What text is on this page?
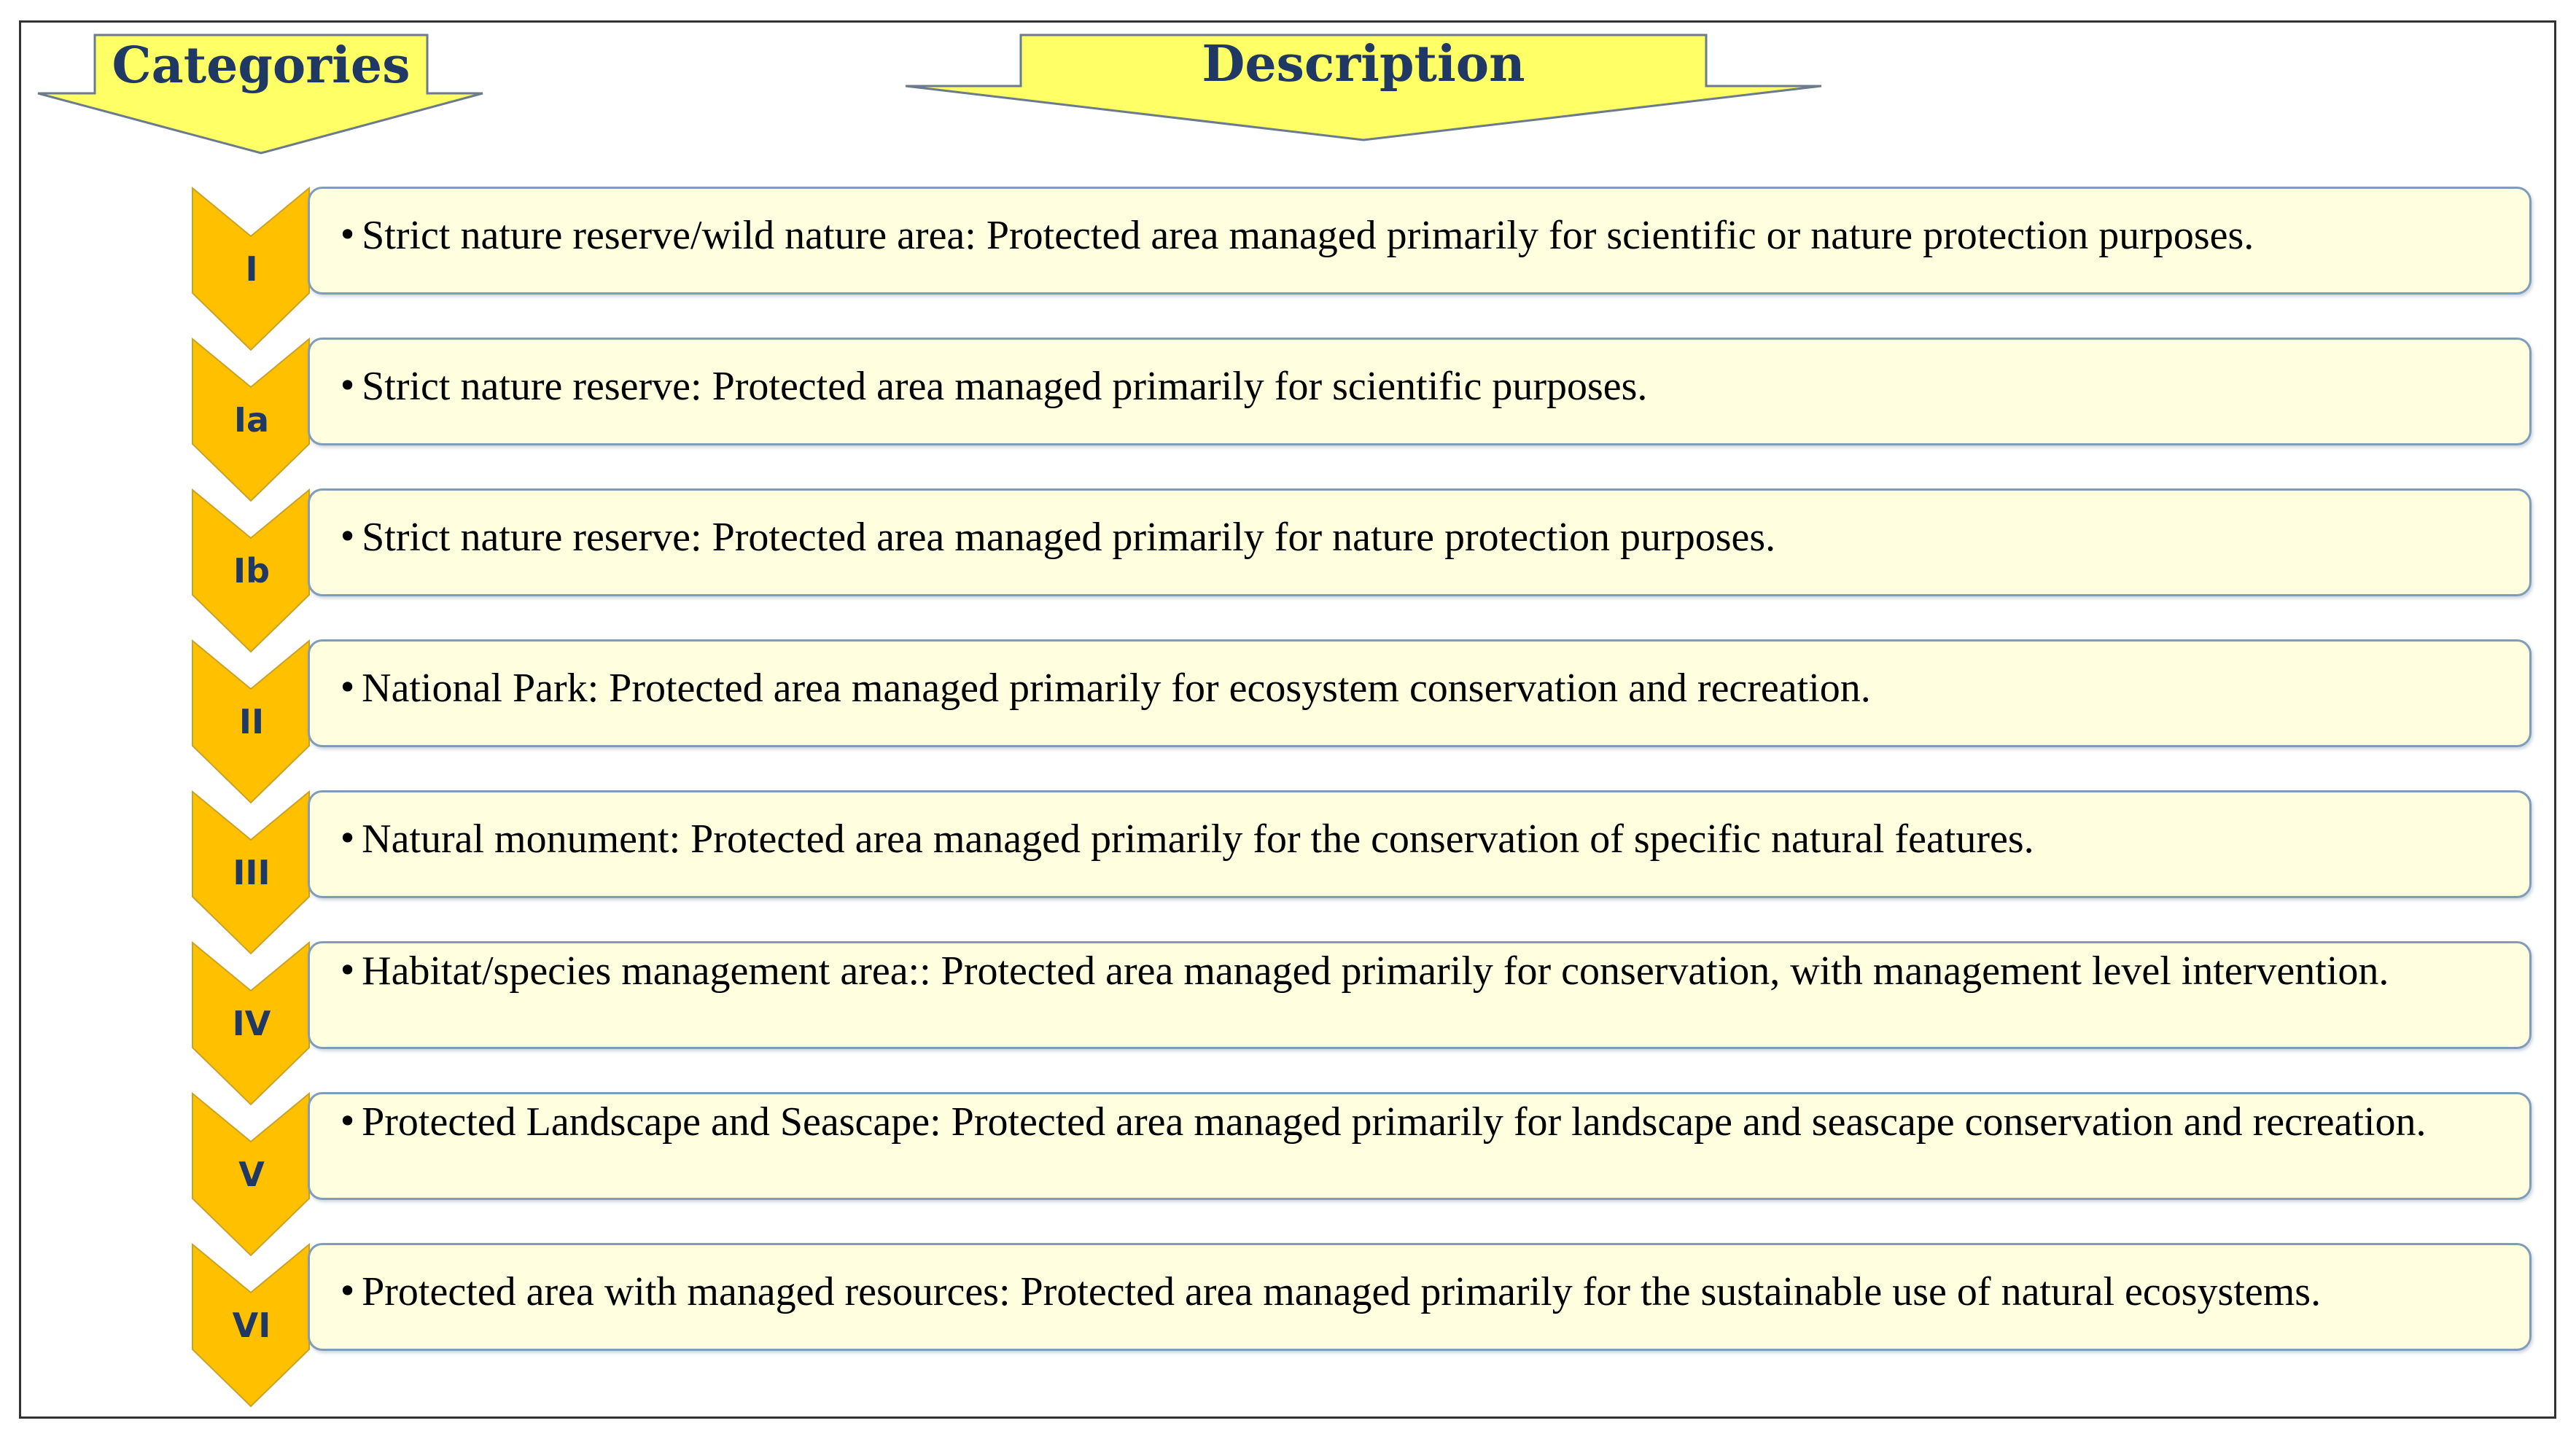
Categories	Description
I
• Strict nature reserve/wild nature area: Protected area managed primarily for scientific or nature protection purposes.
Ia
• Strict nature reserve: Protected area managed primarily for scientific purposes.
Ib
• Strict nature reserve: Protected area managed primarily for nature protection purposes.
II
• National Park: Protected area managed primarily for ecosystem conservation and recreation.
III
• Natural monument: Protected area managed primarily for the conservation of specific natural features.
IV
• Habitat/species management area:: Protected area managed primarily for conservation, with management level intervention.
V
• Protected Landscape and Seascape: Protected area managed primarily for landscape and seascape conservation and recreation.
VI
• Protected area with managed resources: Protected area managed primarily for the sustainable use of natural ecosystems.
